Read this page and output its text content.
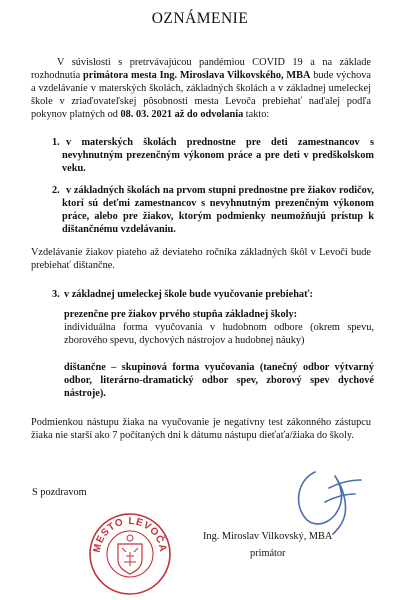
OZNÁMENIE
V súvislosti s pretrvávajúcou pandémiou COVID 19 a na základe rozhodnutia primátora mesta Ing. Miroslava Vilkovského, MBA bude výchova a vzdelávanie v materských školách, základných školách a v základnej umeleckej škole v zriaďovateľskej pôsobnosti mesta Levoča prebiehať naďalej podľa pokynov platných od 08. 03. 2021 až do odvolania takto:
1. v materských školách prednostne pre deti zamestnancov s nevyhnutným prezenčným výkonom práce a pre deti v predškolskom veku.
2. v základných školách na prvom stupni prednostne pre žiakov rodičov, ktorí sú deťmi zamestnancov s nevyhnutným prezenčným výkonom práce, alebo pre žiakov, ktorým podmienky neumožňujú prístup k dištančnému vzdelávaniu.
Vzdelávanie žiakov piateho až deviateho ročníka základných škôl v Levoči bude prebiehať dištančne.
3. v základnej umeleckej škole bude vyučovanie prebiehať:
prezenčne pre žiakov prvého stupňa základnej školy:
individuálna forma vyučovania v hudobnom odbore (okrem spevu, zborového spevu, dychových nástrojov a hudobnej náuky)
dištančne – skupinová forma vyučovania (tanečný odbor výtvarný odbor, literárno-dramatický odbor spev, zborový spev dychové nástroje).
Podmienkou nástupu žiaka na vyučovanie je negatívny test zákonného zástupcu žiaka nie starší ako 7 počítaných dní k dátumu nástupu dieťaťa/žiaka do školy.
S pozdravom
MESTO LEVOČA
Ing. Miroslav Vilkovský, MBA
primátor
